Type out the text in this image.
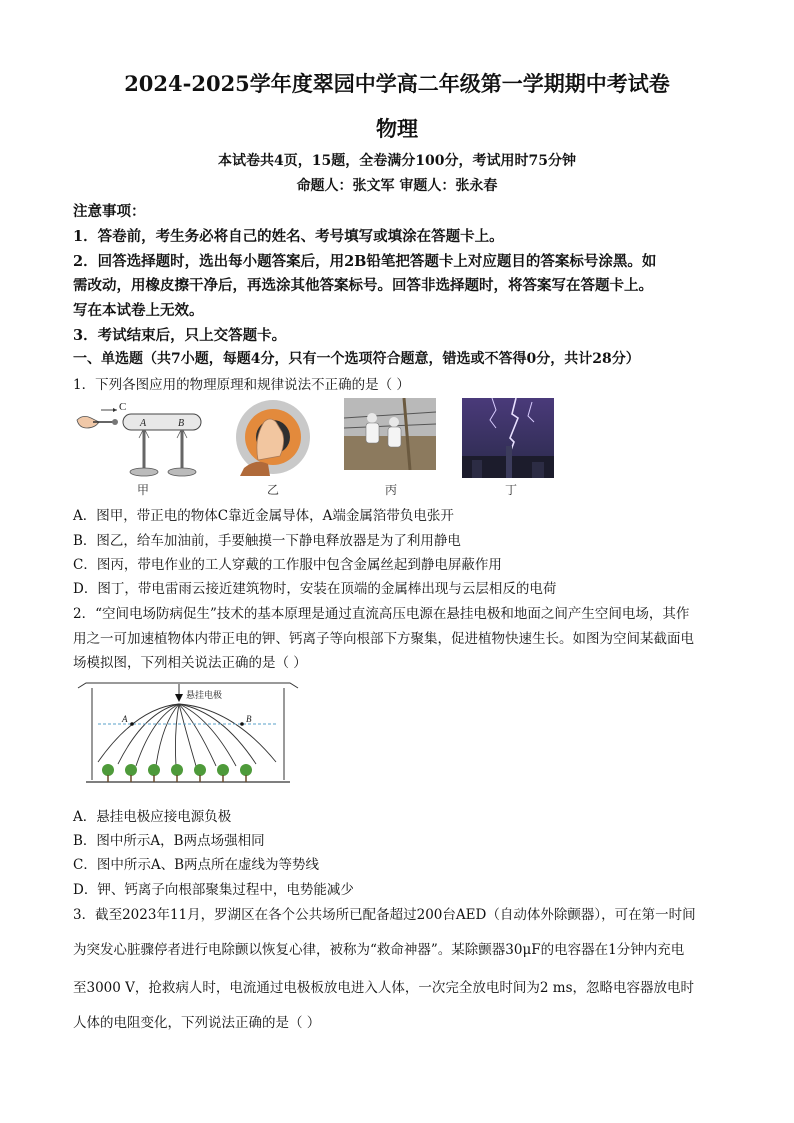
2024-2025学年度翠园中学高二年级第一学期期中考试卷
物理
本试卷共4页，15题，全卷满分100分，考试用时75分钟
命题人：张文军 审题人：张永春
注意事项：
1．答卷前，考生务必将自己的姓名、考号填写或填涂在答题卡上。
2．回答选择题时，选出每小题答案后，用2B铅笔把答题卡上对应题目的答案标号涂黑。如
需改动，用橡皮擦干净后，再选涂其他答案标号。回答非选择题时，将答案写在答题卡上。
写在本试卷上无效。
3．考试结束后，只上交答题卡。
一、单选题（共7小题，每题4分，只有一个选项符合题意，错选或不答得0分，共计28分）
1．下列各图应用的物理原理和规律说法不正确的是（ ）
C
A	B
甲	乙	丙	丁
A．图甲，带正电的物体C靠近金属导体，A端金属箔带负电张开
B．图乙，给车加油前，手要触摸一下静电释放器是为了利用静电
C．图丙，带电作业的工人穿戴的工作服中包含金属丝起到静电屏蔽作用
D．图丁，带电雷雨云接近建筑物时，安装在顶端的金属棒出现与云层相反的电荷
2．“空间电场防病促生”技术的基本原理是通过直流高压电源在悬挂电极和地面之间产生空间电场，其作
用之一可加速植物体内带正电的钾、钙离子等向根部下方聚集，促进植物快速生长。如图为空间某截面电
场模拟图，下列相关说法正确的是（ ）
悬挂电极
A	B
A．悬挂电极应接电源负极
B．图中所示A，B两点场强相同
C．图中所示A、B两点所在虚线为等势线
D．钾、钙离子向根部聚集过程中，电势能减少
3．截至2023年11月，罗湖区在各个公共场所已配备超过200台AED（自动体外除颤器），可在第一时间
为突发心脏骤停者进行电除颤以恢复心律，被称为“救命神器”。某除颤器30μF的电容器在1分钟内充电
至3000 V，抢救病人时，电流通过电极板放电进入人体，一次完全放电时间为2 ms，忽略电容器放电时
人体的电阻变化，下列说法正确的是（ ）
